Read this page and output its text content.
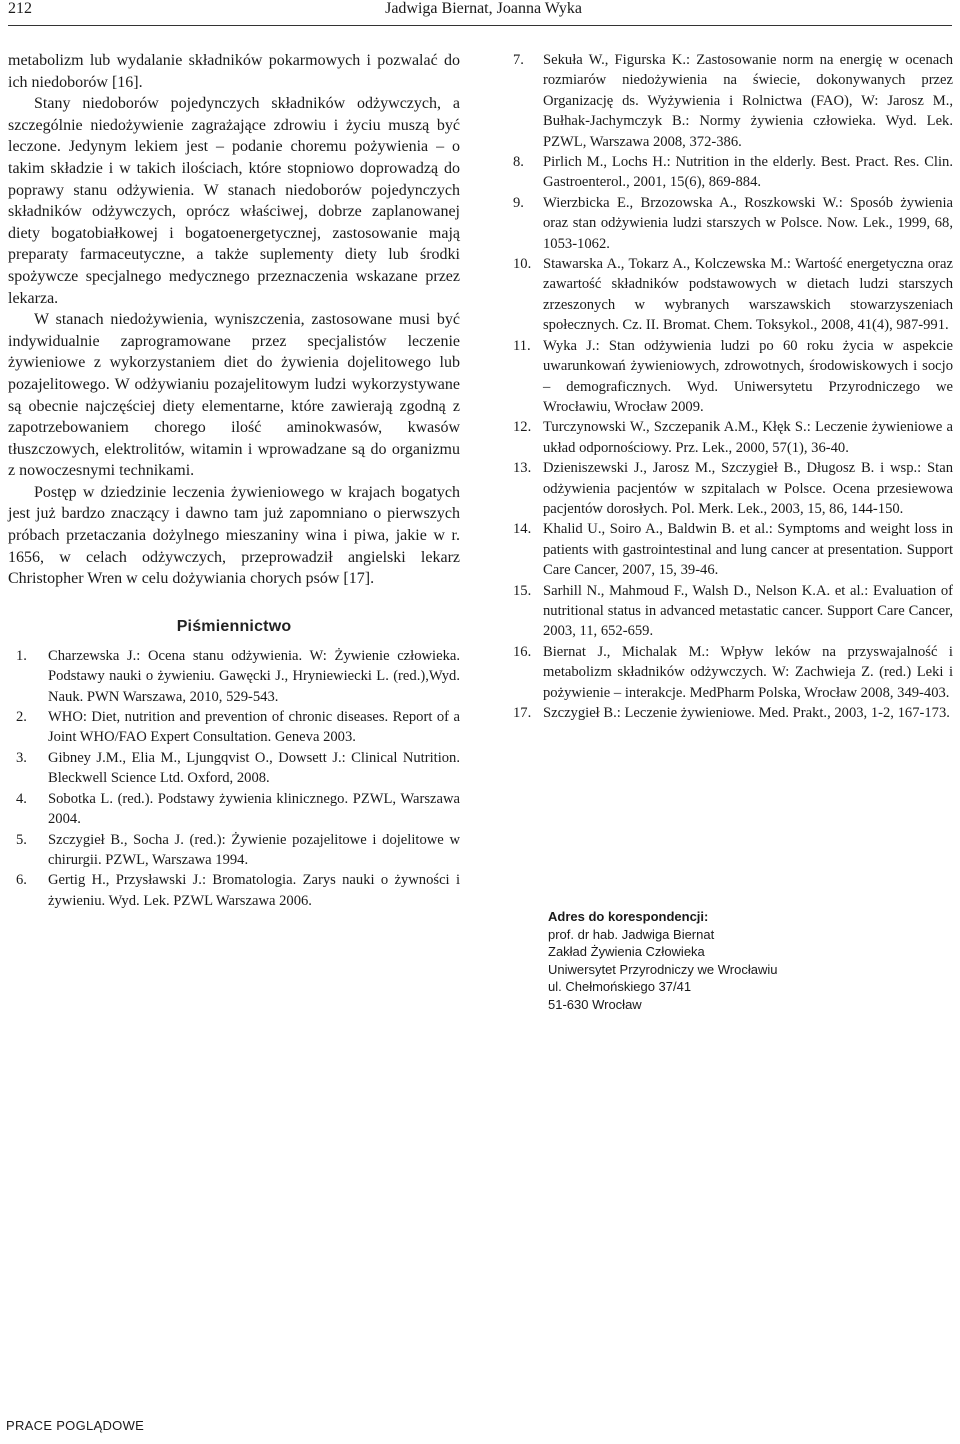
212	Jadwiga Biernat, Joanna Wyka

metabolizm lub wydalanie składników pokarmowych i pozwalać do ich niedoborów [16].

Stany niedoborów pojedynczych składników odżywczych, a szczególnie niedożywienie zagrażające zdrowiu i życiu muszą być leczone. Jedynym lekiem jest – podanie choremu pożywienia – o takim składzie i w takich ilościach, które stopniowo doprowadzą do poprawy stanu odżywienia. W stanach niedoborów pojedynczych składników odżywczych, oprócz właściwej, dobrze zaplanowanej diety bogatobiałkowej i bogatoenergetycznej, zastosowanie mają preparaty farmaceutyczne, a także suplementy diety lub środki spożywcze specjalnego medycznego przeznaczenia wskazane przez lekarza.

W stanach niedożywienia, wyniszczenia, zastosowane musi być indywidualnie zaprogramowane przez specjalistów leczenie żywieniowe z wykorzystaniem diet do żywienia dojelitowego lub pozajelitowego. W odżywianiu pozajelitowym ludzi wykorzystywane są obecnie najczęściej diety elementarne, które zawierają zgodną z zapotrzebowaniem chorego ilość aminokwasów, kwasów tłuszczowych, elektrolitów, witamin i wprowadzane są do organizmu z nowoczesnymi technikami.

Postęp w dziedzinie leczenia żywieniowego w krajach bogatych jest już bardzo znaczący i dawno tam już zapomniano o pierwszych próbach przetaczania dożylnego mieszaniny wina i piwa, jakie w r. 1656, w celach odżywczych, przeprowadził angielski lekarz Christopher Wren w celu dożywiania chorych psów [17].

Piśmiennictwo
1.	Charzewska J.: Ocena stanu odżywienia. W: Żywienie człowieka. Podstawy nauki o żywieniu. Gawęcki J., Hryniewiecki L. (red.),Wyd. Nauk. PWN Warszawa, 2010, 529-543.
2.	WHO: Diet, nutrition and prevention of chronic diseases. Report of a Joint WHO/FAO Expert Consultation. Geneva 2003.
3.	Gibney J.M., Elia M., Ljungqvist O., Dowsett J.: Clinical Nutrition. Bleckwell Science Ltd. Oxford, 2008.
4.	Sobotka L. (red.). Podstawy żywienia klinicznego. PZWL, Warszawa 2004.
5.	Szczygieł B., Socha J. (red.): Żywienie pozajelitowe i dojelitowe w chirurgii. PZWL, Warszawa 1994.
6.	Gertig H., Przysławski J.: Bromatologia. Zarys nauki o żywności i żywieniu. Wyd. Lek. PZWL Warszawa 2006.
7.	Sekuła W., Figurska K.: Zastosowanie norm na energię w ocenach rozmiarów niedożywienia na świecie, dokonywanych przez Organizację ds. Wyżywienia i Rolnictwa (FAO), W: Jarosz M., Bułhak-Jachymczyk B.: Normy żywienia człowieka. Wyd. Lek. PZWL, Warszawa 2008, 372-386.
8.	Pirlich M., Lochs H.: Nutrition in the elderly. Best. Pract. Res. Clin. Gastroenterol., 2001, 15(6), 869-884.
9.	Wierzbicka E., Brzozowska A., Roszkowski W.: Sposób żywienia oraz stan odżywienia ludzi starszych w Polsce. Now. Lek., 1999, 68, 1053-1062.
10. Stawarska A., Tokarz A., Kolczewska M.: Wartość energetyczna oraz zawartość składników podstawowych w dietach ludzi starszych zrzeszonych w wybranych warszawskich stowarzyszeniach społecznych. Cz. II. Bromat. Chem. Toksykol., 2008, 41(4), 987-991.
11. Wyka J.: Stan odżywienia ludzi po 60 roku życia w aspekcie uwarunkowań żywieniowych, zdrowotnych, środowiskowych i socjo – demograficznych. Wyd. Uniwersytetu Przyrodniczego we Wrocławiu, Wrocław 2009.
12. Turczynowski W., Szczepanik A.M., Kłęk S.: Leczenie żywieniowe a układ odpornościowy. Prz. Lek., 2000, 57(1), 36-40.
13. Dzieniszewski J., Jarosz M., Szczygieł B., Długosz B. i wsp.: Stan odżywienia pacjentów w szpitalach w Polsce. Ocena przesiewowa pacjentów dorosłych. Pol. Merk. Lek., 2003, 15, 86, 144-150.
14. Khalid U., Soiro A., Baldwin B. et al.: Symptoms and weight loss in patients with gastrointestinal and lung cancer at presentation. Support Care Cancer, 2007, 15, 39-46.
15. Sarhill N., Mahmoud F., Walsh D., Nelson K.A. et al.: Evaluation of nutritional status in advanced metastatic cancer. Support Care Cancer, 2003, 11, 652-659.
16. Biernat J., Michalak M.: Wpływ leków na przyswajalność i metabolizm składników odżywczych. W: Zachwieja Z. (red.) Leki i pożywienie – interakcje. MedPharm Polska, Wrocław 2008, 349-403.
17. Szczygieł B.: Leczenie żywieniowe. Med. Prakt., 2003, 1-2, 167-173.
Adres do korespondencji:
prof. dr hab. Jadwiga Biernat
Zakład Żywienia Człowieka
Uniwersytet Przyrodniczy we Wrocławiu
ul. Chełmońskiego 37/41
51-630 Wrocław
PRACE POGLĄDOWE
